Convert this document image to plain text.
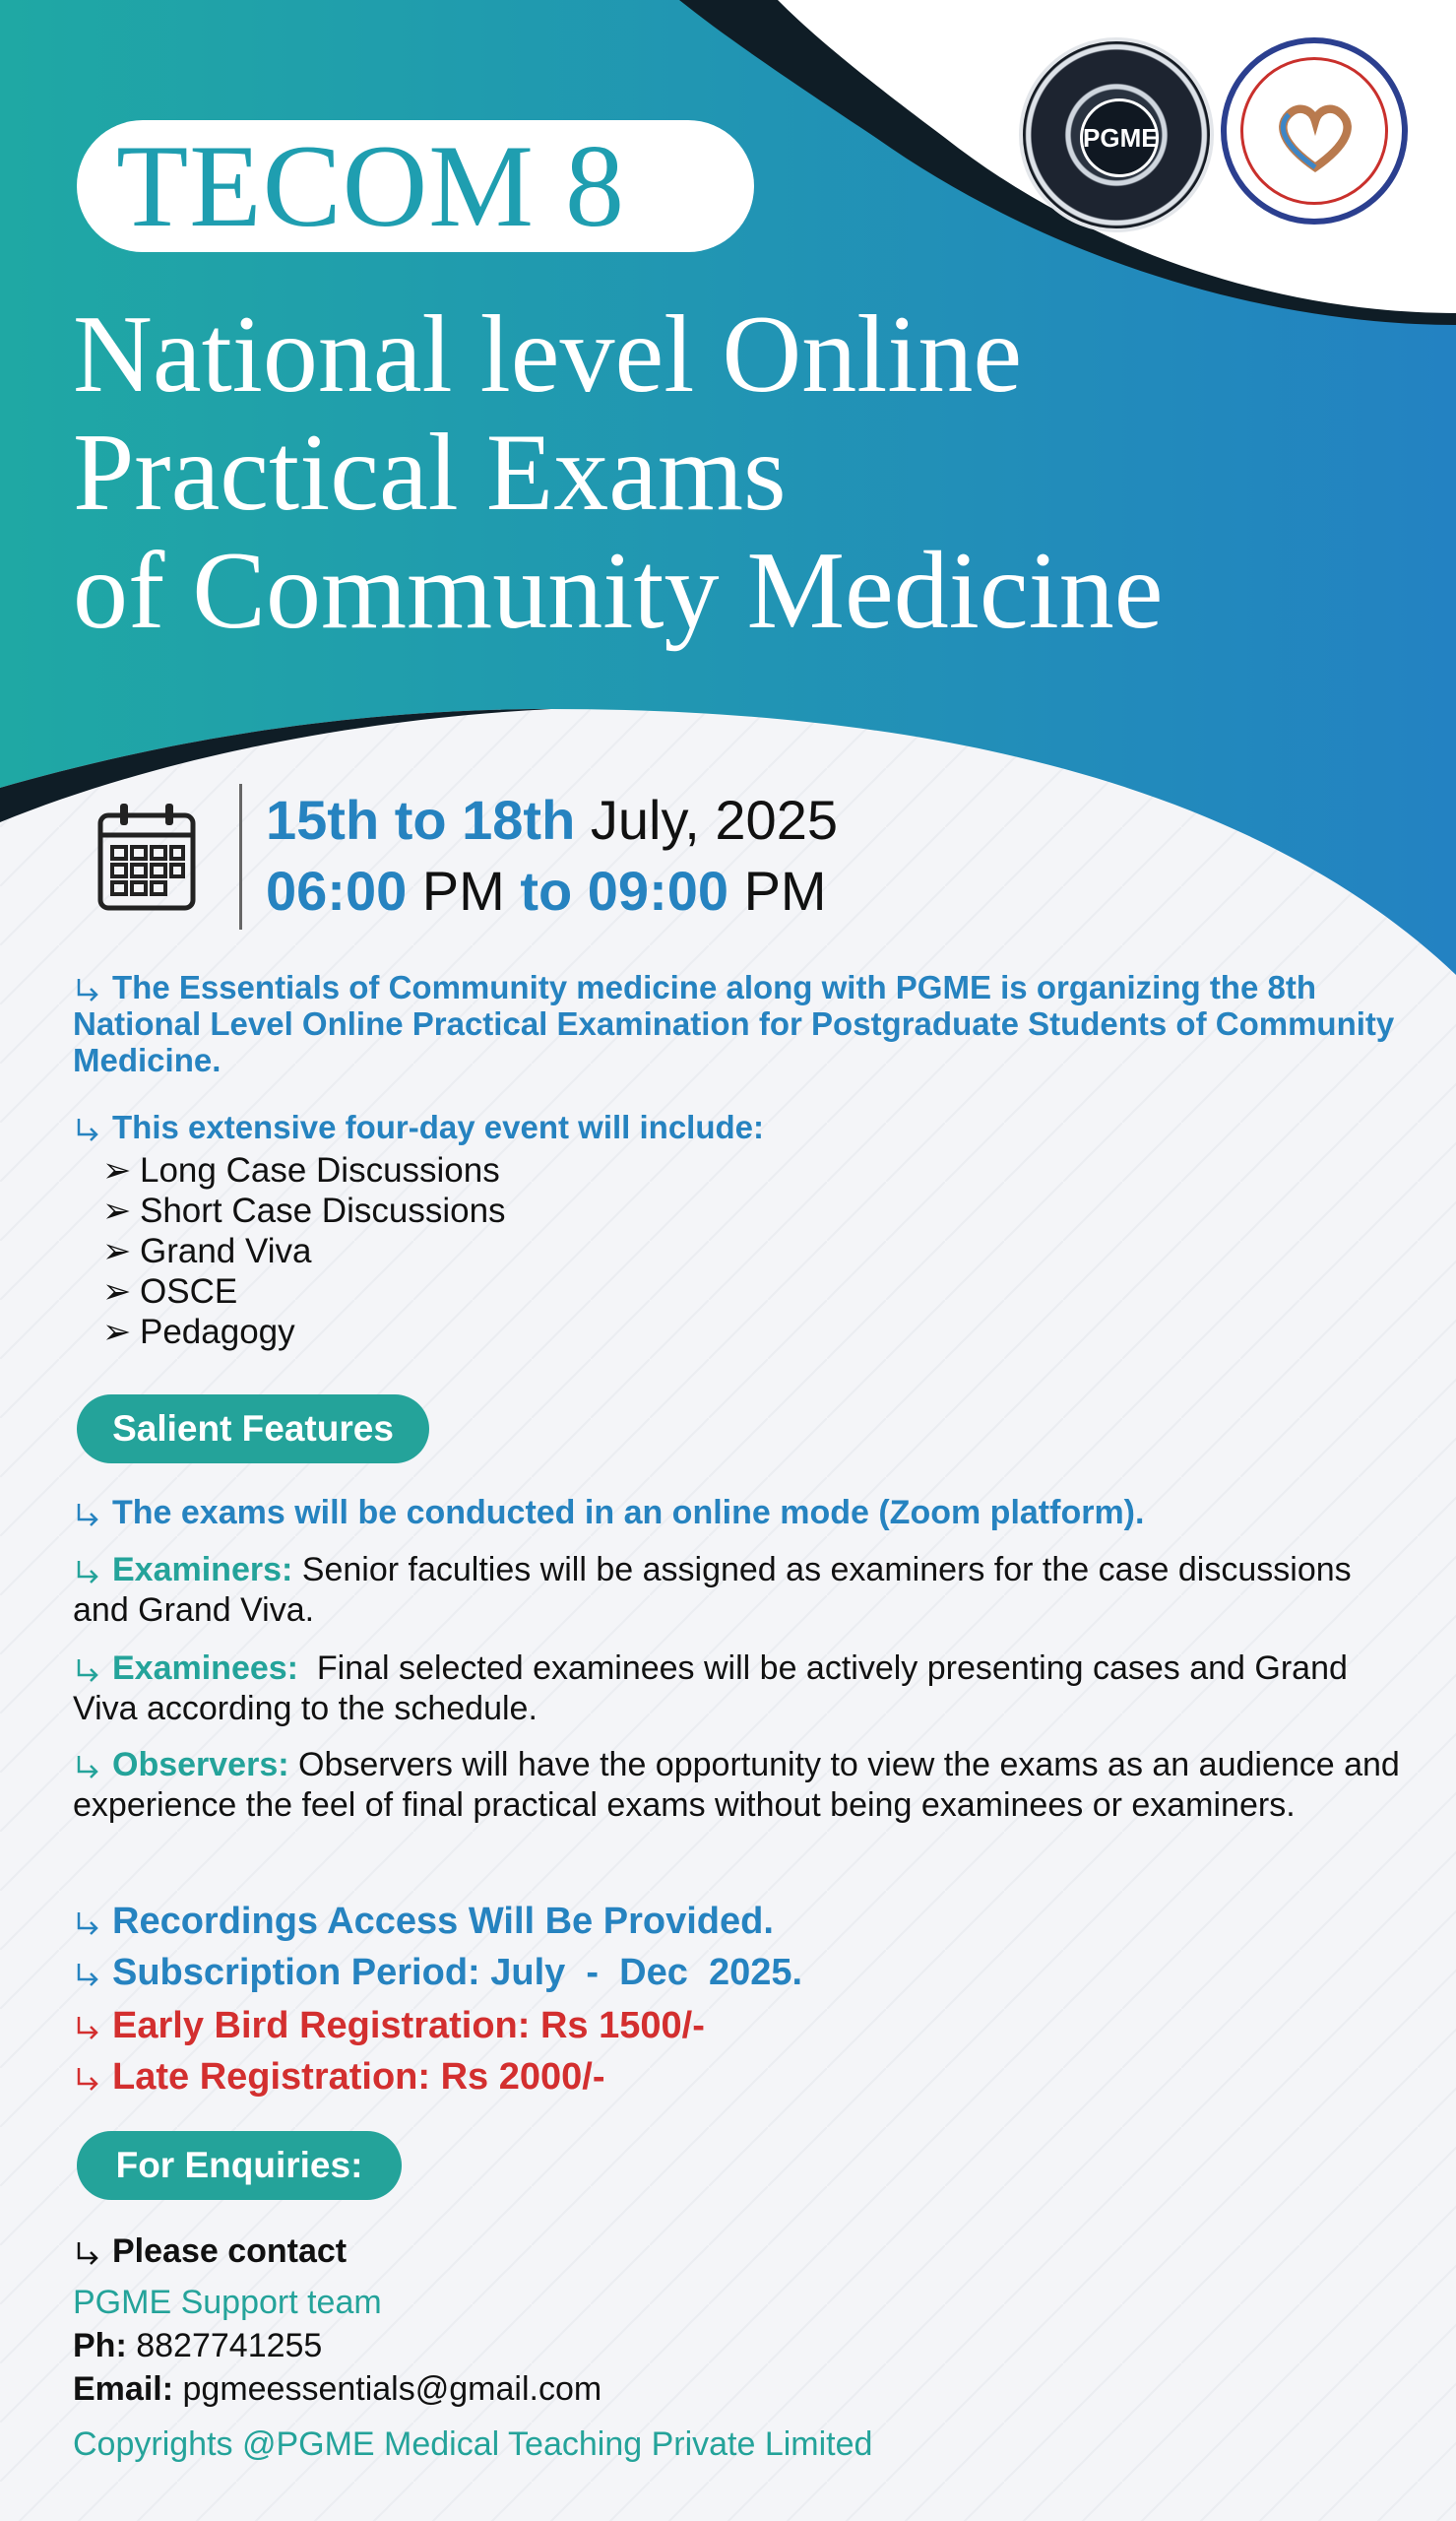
PGME
TECOM 8
National level Online
Practical Exams
of Community Medicine
15th to 18th July, 2025
06:00 PM to 09:00 PM

The Essentials of Community medicine along with PGME is organizing the 8th National Level Online Practical Examination for Postgraduate Students of Community Medicine.

This extensive four-day event will include:
➢ Long Case Discussions
➢ Short Case Discussions
➢ Grand Viva
➢ OSCE
➢ Pedagogy
Salient Features

The exams will be conducted in an online mode (Zoom platform).

Examiners: Senior faculties will be assigned as examiners for the case discussions and Grand Viva.

Examinees: Final selected examinees will be actively presenting cases and Grand Viva according to the schedule.

Observers: Observers will have the opportunity to view the exams as an audience and experience the feel of final practical exams without being examinees or examiners.

Recordings Access Will Be Provided.
Subscription Period: July  -  Dec  2025.
Early Bird Registration: Rs 1500/-
Late Registration: Rs 2000/-
For Enquiries:
Please contact
PGME Support team
Ph: 8827741255
Email: pgmeessentials@gmail.com
Copyrights @PGME Medical Teaching Private Limited
